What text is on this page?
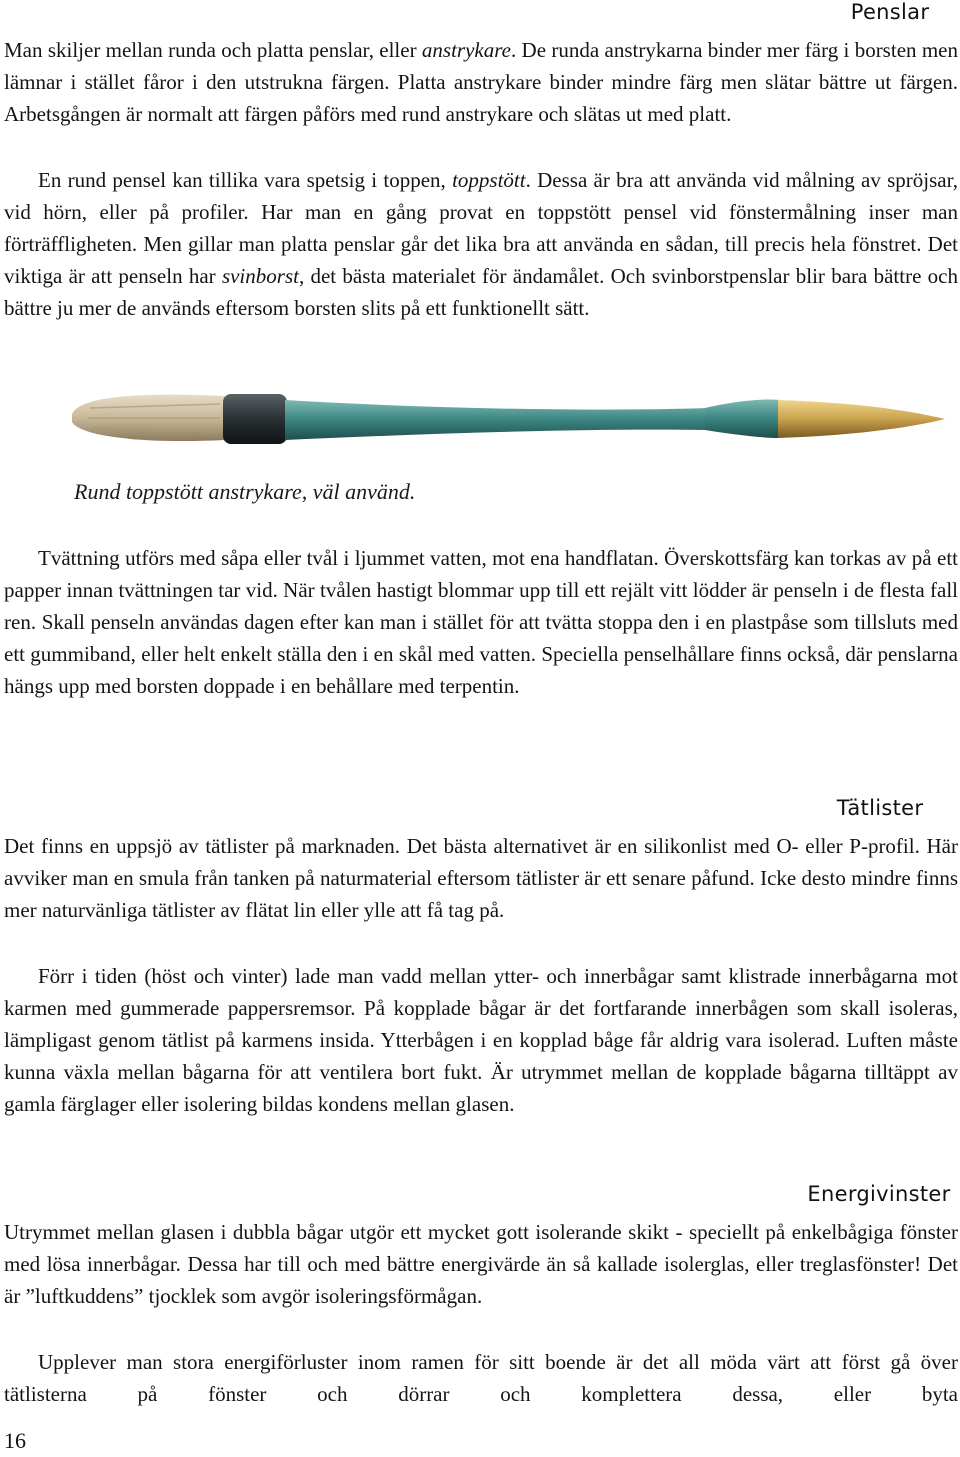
Penslar
Man skiljer mellan runda och platta penslar, eller anstrykare. De runda anstrykarna binder mer färg i borsten men lämnar i stället fåror i den utstrukna färgen. Platta anstrykare binder mindre färg men slätar bättre ut färgen. Arbetsgången är normalt att färgen påförs med rund anstrykare och slätas ut med platt.
En rund pensel kan tillika vara spetsig i toppen, toppstött. Dessa är bra att använda vid målning av spröjsar, vid hörn, eller på profiler. Har man en gång provat en toppstött pensel vid fönstermålning inser man förträffligheten. Men gillar man platta penslar går det lika bra att använda en sådan, till precis hela fönstret. Det viktiga är att penseln har svinborst, det bästa materialet för ändamålet. Och svinborstpenslar blir bara bättre och bättre ju mer de används eftersom borsten slits på ett funktionellt sätt.
Rund toppstött anstrykare, väl använd.
Tvättning utförs med såpa eller tvål i ljummet vatten, mot ena handflatan. Överskottsfärg kan torkas av på ett papper innan tvättningen tar vid. När tvålen hastigt blommar upp till ett rejält vitt lödder är penseln i de flesta fall ren. Skall penseln användas dagen efter kan man i stället för att tvätta stoppa den i en plastpåse som tillsluts med ett gummiband, eller helt enkelt ställa den i en skål med vatten. Speciella penselhållare finns också, där penslarna hängs upp med borsten doppade i en behållare med terpentin.
Tätlister
Det finns en uppsjö av tätlister på marknaden. Det bästa alternativet är en silikonlist med O- eller P-profil. Här avviker man en smula från tanken på naturmaterial eftersom tätlister är ett senare påfund. Icke desto mindre finns mer naturvänliga tätlister av flätat lin eller ylle att få tag på.
Förr i tiden (höst och vinter) lade man vadd mellan ytter- och innerbågar samt klistrade innerbågarna mot karmen med gummerade pappersremsor. På kopplade bågar är det fortfarande innerbågen som skall isoleras, lämpligast genom tätlist på karmens insida. Ytterbågen i en kopplad båge får aldrig vara isolerad. Luften måste kunna växla mellan bågarna för att ventilera bort fukt. Är utrymmet mellan de kopplade bågarna tilltäppt av gamla färglager eller isolering bildas kondens mellan glasen.
Energivinster
Utrymmet mellan glasen i dubbla bågar utgör ett mycket gott isolerande skikt - speciellt på enkelbågiga fönster med lösa innerbågar. Dessa har till och med bättre energivärde än så kallade isolerglas, eller treglasfönster! Det är ”luftkuddens” tjocklek som avgör isoleringsförmågan.
Upplever man stora energiförluster inom ramen för sitt boende är det all möda värt att först gå över tätlisterna på fönster och dörrar och komplettera dessa, eller byta
16
